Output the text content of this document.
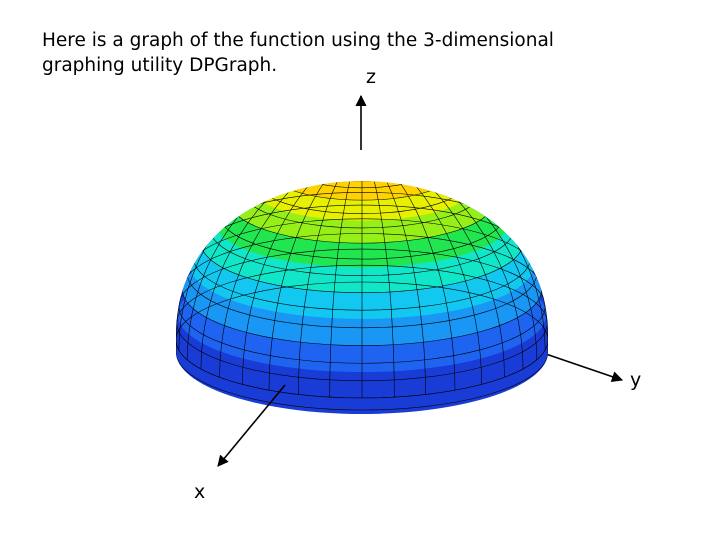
Here is a graph of the function using the 3-dimensional
graphing utility DPGraph.
z
y
x
